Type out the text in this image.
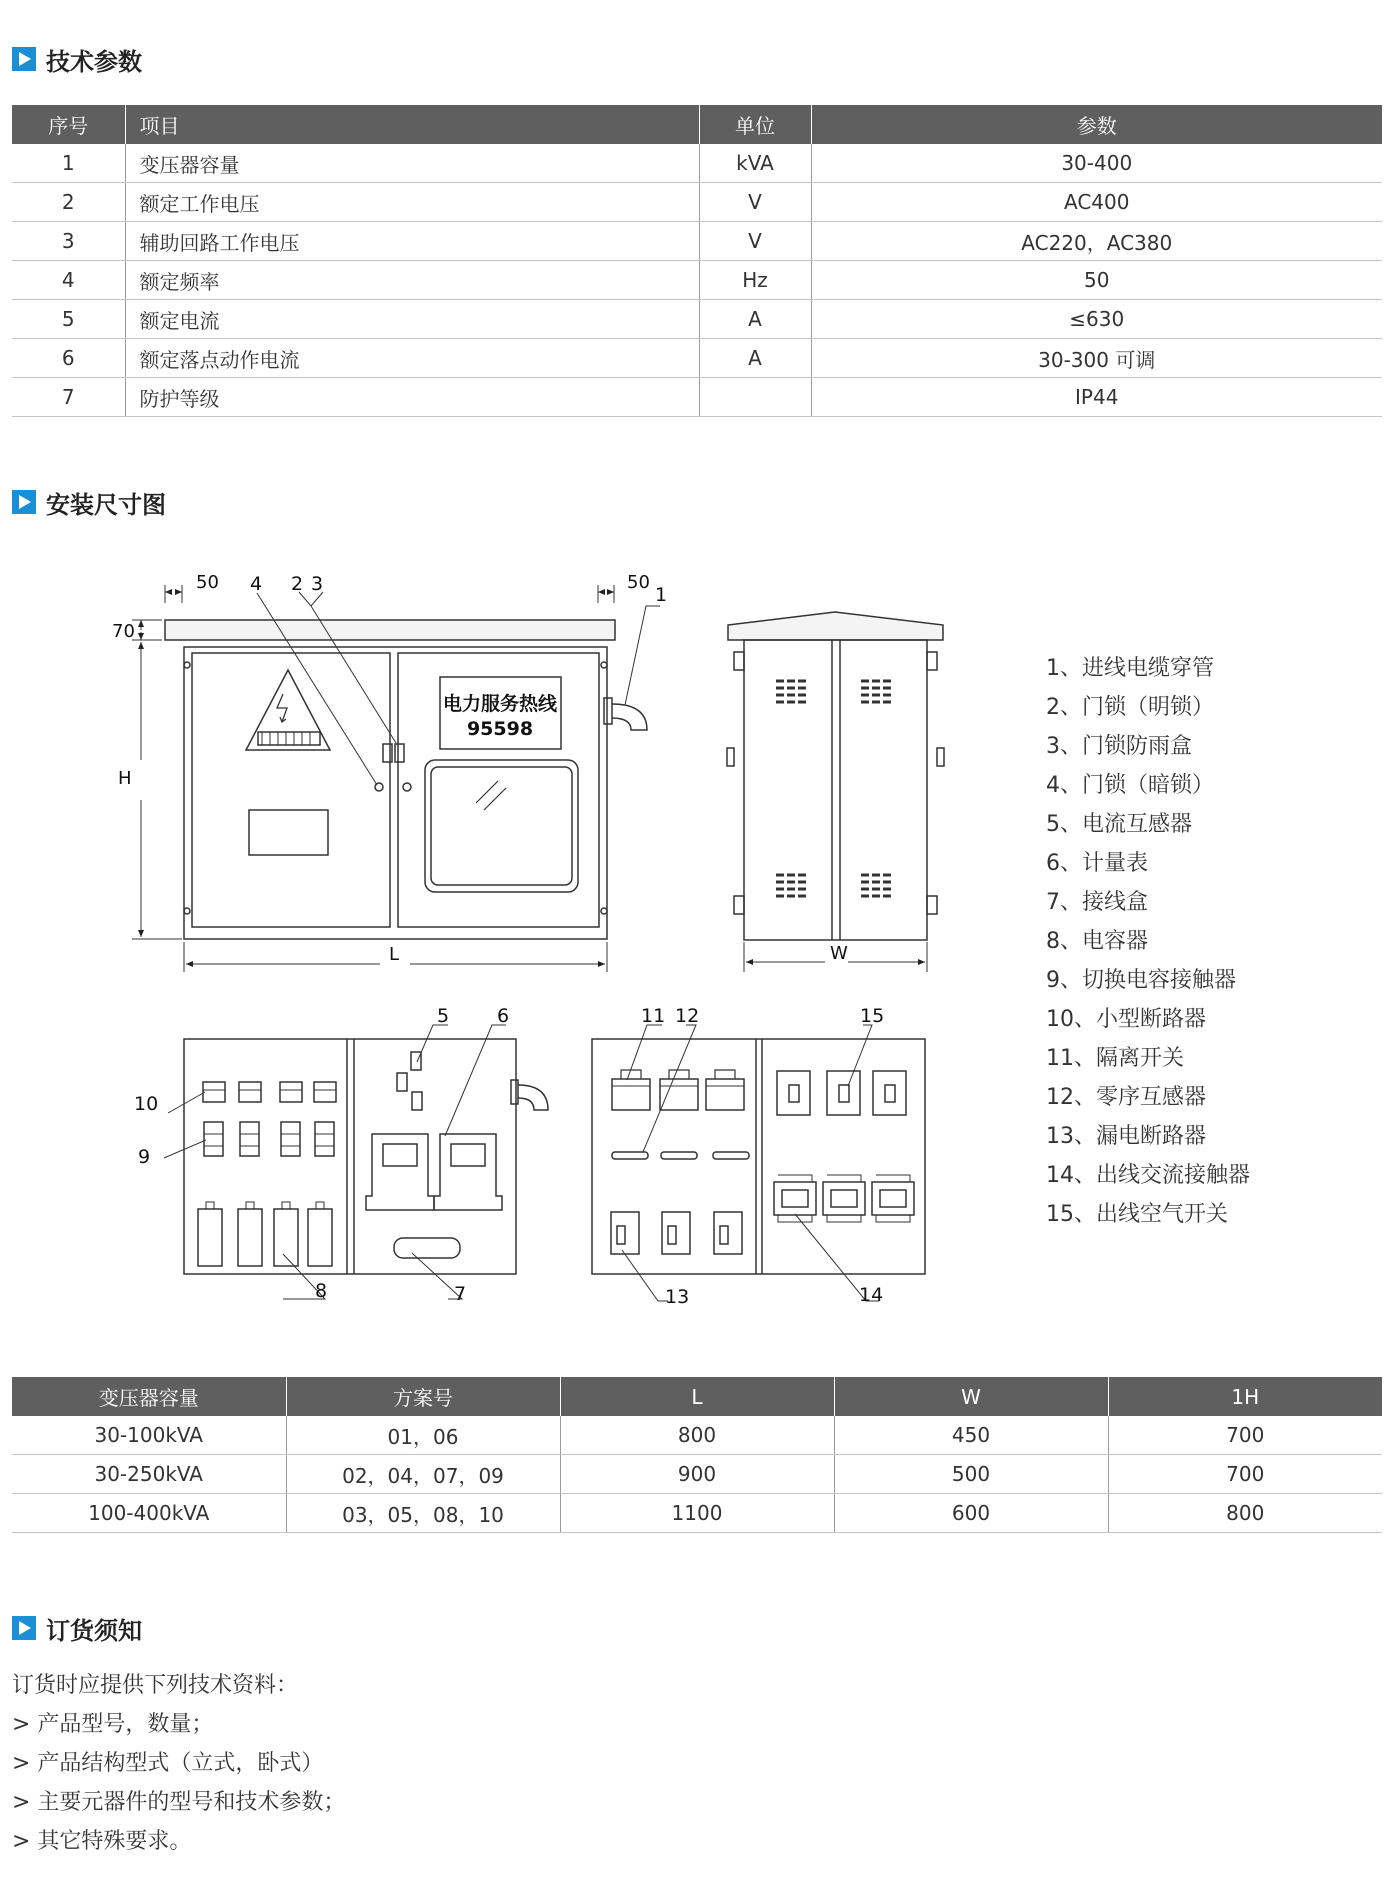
技术参数
序号	项目	单位	参数
1	变压器容量	kVA	30-400
2	额定工作电压	V	AC400
3	辅助回路工作电压	V	AC220，AC380
4	额定频率	Hz	50
5	额定电流	A	≤630
6	额定落点动作电流	A	30-300 可调
7	防护等级		IP44
安装尺寸图
电力服务热线
95598
50	50
70
H
L	W
1
2 3
4
5	6
7
8
9
10
11 12
13	14
15
1、进线电缆穿管
2、门锁（明锁）
3、门锁防雨盒
4、门锁（暗锁）
5、电流互感器
6、计量表
7、接线盒
8、电容器
9、切换电容接触器
10、小型断路器
11、隔离开关
12、零序互感器
13、漏电断路器
14、出线交流接触器
15、出线空气开关
变压器容量	方案号	L	W	1H
30-100kVA	01，06	800	450	700
30-250kVA	02，04，07，09	900	500	700
100-400kVA	03，05，08，10	1100	600	800
订货须知
订货时应提供下列技术资料：
> 产品型号，数量；
> 产品结构型式（立式，卧式）
> 主要元器件的型号和技术参数；
> 其它特殊要求。
